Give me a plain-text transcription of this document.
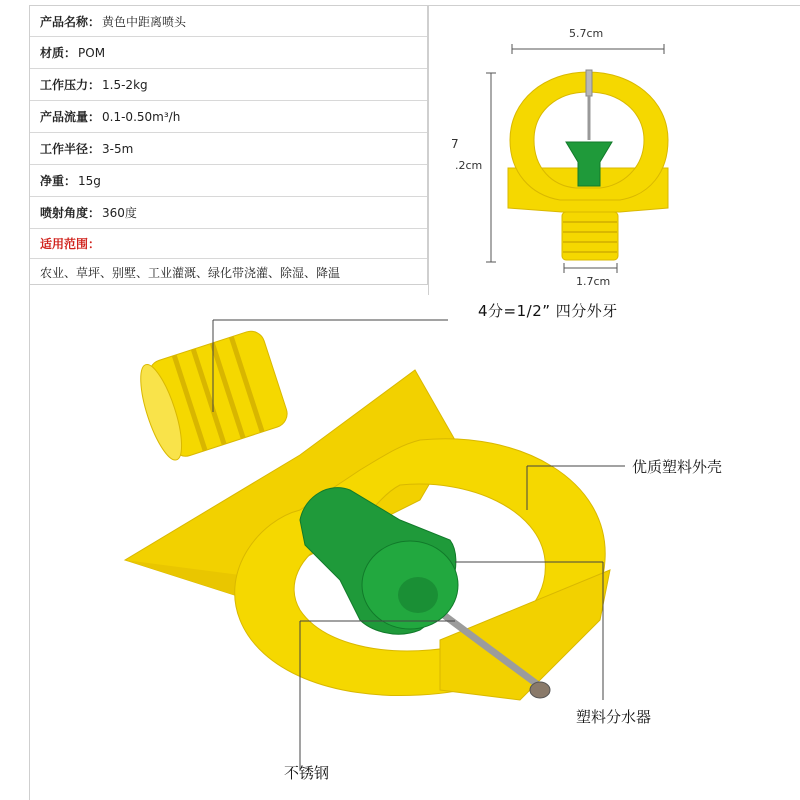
产品名称： 黄色中距离喷头
材质： POM
工作压力： 1.5-2kg
产品流量： 0.1-0.50m³/h
工作半径： 3-5m
净重： 15g
喷射角度： 360度
适用范围：
农业、草坪、别墅、工业灌溉、绿化带浇灌、除湿、降温
5.7cm
7
.2cm
1.7cm
4分=1/2” 四分外牙
优质塑料外壳
塑料分水器
不锈钢
